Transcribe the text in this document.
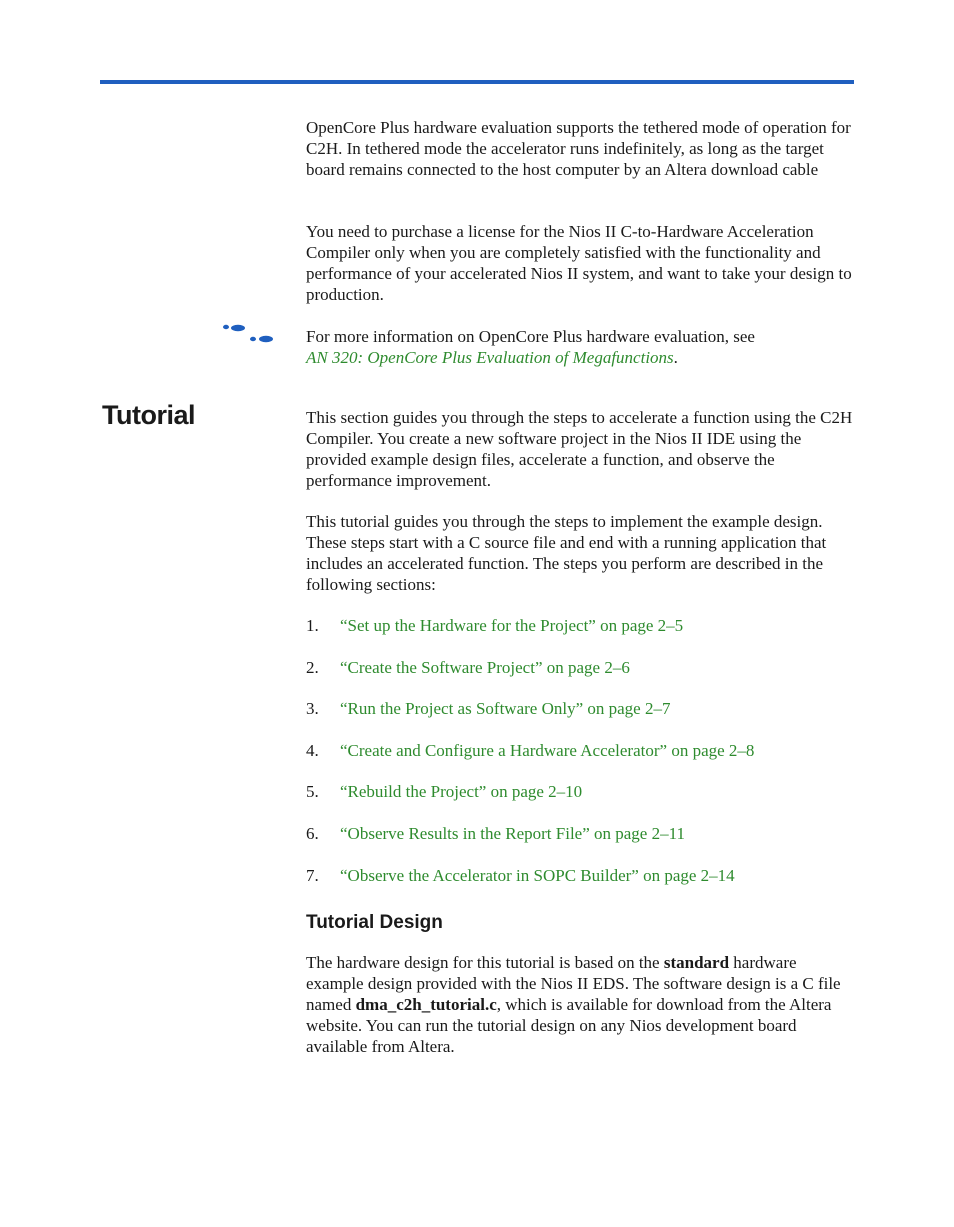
OpenCore Plus hardware evaluation supports the tethered mode of operation for C2H. In tethered mode the accelerator runs indefinitely, as long as the target board remains connected to the host computer by an Altera download cable

You need to purchase a license for the Nios II C-to-Hardware Acceleration Compiler only when you are completely satisfied with the functionality and performance of your accelerated Nios II system, and want to take your design to production.

For more information on OpenCore Plus hardware evaluation, see
AN 320: OpenCore Plus Evaluation of Megafunctions.

Tutorial	This section guides you through the steps to accelerate a function using the C2H Compiler. You create a new software project in the Nios II IDE using the provided example design files, accelerate a function, and observe the performance improvement.

This tutorial guides you through the steps to implement the example design. These steps start with a C source file and end with a running application that includes an accelerated function. The steps you perform are described in the following sections:

1. “Set up the Hardware for the Project” on page 2–5
2. “Create the Software Project” on page 2–6
3. “Run the Project as Software Only” on page 2–7
4. “Create and Configure a Hardware Accelerator” on page 2–8
5. “Rebuild the Project” on page 2–10
6. “Observe Results in the Report File” on page 2–11
7. “Observe the Accelerator in SOPC Builder” on page 2–14
Tutorial Design

The hardware design for this tutorial is based on the standard hardware example design provided with the Nios II EDS. The software design is a C file named dma_c2h_tutorial.c, which is available for download from the Altera website. You can run the tutorial design on any Nios development board available from Altera.
